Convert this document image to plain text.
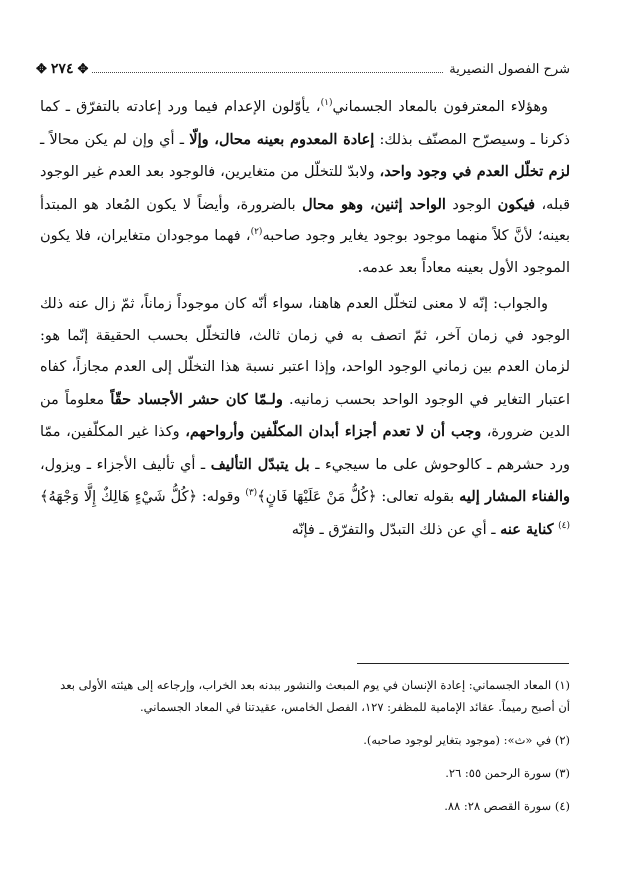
✥ ٢٧٤ ✥	شرح الفصول النصيرية

وهؤلاء المعترفون بالمعاد الجسماني$^{(١)}$، يأوّلون الإعدام فيما ورد إعادته بالتفرّق ـ كما ذكرنا ـ وسيصرّح المصنّف بذلك: إعادة المعدوم بعينه محال، وإلّا ـ أي وإن لم يكن محالاً ـ لزم تخلّل العدم في وجود واحد، ولابدّ للتخلّل من متغايرين، فالوجود بعد العدم غير الوجود قبله، فيكون الوجود الواحد إثنين، وهو محال بالضرورة، وأيضاً لا يكون المُعاد هو المبتدأ بعينه؛ لأنَّ كلاً منهما موجود بوجود يغاير وجود صاحبه$^{(٢)}$، فهما موجودان متغايران، فلا يكون الموجود الأول بعينه معاداً بعد عدمه.

والجواب: إنّه لا معنى لتخلّل العدم هاهنا، سواء أنّه كان موجوداً زماناً، ثمّ زال عنه ذلك الوجود في زمان آخر، ثمّ اتصف به في زمان ثالث، فالتخلّل بحسب الحقيقة إنّما هو: لزمان العدم بين زماني الوجود الواحد، وإذا اعتبر نسبة هذا التخلّل إلى العدم مجازاً، كفاه اعتبار التغاير في الوجود الواحد بحسب زمانيه. ولـمّا كان حشر الأجساد حقّاً معلوماً من الدين ضرورة، وجب أن لا تعدم أجزاء أبدان المكلّفين وأرواحهم، وكذا غير المكلّفين، ممّا ورد حشرهم ـ كالوحوش على ما سيجيء ـ بل يتبدّل التأليف ـ أي تأليف الأجزاء ـ ويزول، والفناء المشار إليه بقوله تعالى: ﴿كُلُّ مَنْ عَلَيْهَا فَانٍ﴾$^{(٣)}$ وقوله: ﴿كُلُّ شَيْءٍ هَالِكٌ إِلَّا وَجْهَهُ﴾$^{(٤)}$ كناية عنه ـ أي عن ذلك التبدّل والتفرّق ـ فإنّه

(١) المعاد الجسماني: إعادة الإنسان في يوم المبعث والنشور ببدنه بعد الخراب، وإرجاعه إلى هيئته الأولى بعد

أن أصبح رميماً. عقائد الإمامية للمظفر: ١٢٧، الفصل الخامس، عقيدتنا في المعاد الجسماني.

(٢) في «ث»: (موجود بتغاير لوجود صاحبه).
(٣) سورة الرحمن ٥٥: ٢٦.
(٤) سورة القصص ٢٨: ٨٨.
